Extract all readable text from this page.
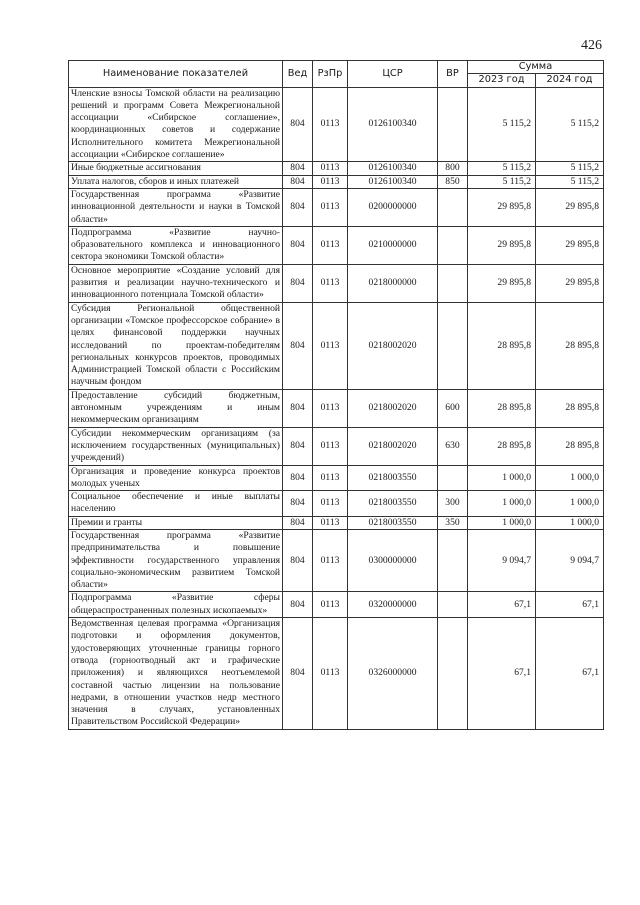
426
Наименование показателей	Вед	РзПр	ЦСР	ВР	Сумма	
					2023 год	2024 год
Членские взносы Томской области на реализацию решений и программ Совета Межрегиональной ассоциации «Сибирское соглашение», координационных советов и содержание Исполнительного комитета Межрегиональной ассоциации «Сибирское соглашение»	804	0113	0126100340		5 115,2	5 115,2
Иные бюджетные ассигнования	804	0113	0126100340	800	5 115,2	5 115,2
Уплата налогов, сборов и иных платежей	804	0113	0126100340	850	5 115,2	5 115,2
Государственная программа «Развитие инновационной деятельности и науки в Томской области»	804	0113	0200000000		29 895,8	29 895,8
Подпрограмма «Развитие научно-образовательного комплекса и инновационного сектора экономики Томской области»	804	0113	0210000000		29 895,8	29 895,8
Основное мероприятие «Создание условий для развития и реализации научно-технического и инновационного потенциала Томской области»	804	0113	0218000000		29 895,8	29 895,8
Субсидия Региональной общественной организации «Томское профессорское собрание» в целях финансовой поддержки научных исследований по проектам-победителям региональных конкурсов проектов, проводимых Администрацией Томской области с Российским научным фондом	804	0113	0218002020		28 895,8	28 895,8
Предоставление субсидий бюджетным, автономным учреждениям и иным некоммерческим организациям	804	0113	0218002020	600	28 895,8	28 895,8
Субсидии некоммерческим организациям (за исключением государственных (муниципальных) учреждений)	804	0113	0218002020	630	28 895,8	28 895,8
Организация и проведение конкурса проектов молодых ученых	804	0113	0218003550		1 000,0	1 000,0
Социальное обеспечение и иные выплаты населению	804	0113	0218003550	300	1 000,0	1 000,0
Премии и гранты	804	0113	0218003550	350	1 000,0	1 000,0
Государственная программа «Развитие предпринимательства и повышение эффективности государственного управления социально-экономическим развитием Томской области»	804	0113	0300000000		9 094,7	9 094,7
Подпрограмма «Развитие сферы общераспространенных полезных ископаемых»	804	0113	0320000000		67,1	67,1
Ведомственная целевая программа «Организация подготовки и оформления документов, удостоверяющих уточненные границы горного отвода (горноотводный акт и графические приложения) и являющихся неотъемлемой составной частью лицензии на пользование недрами, в отношении участков недр местного значения в случаях, установленных Правительством Российской Федерации»	804	0113	0326000000		67,1	67,1
